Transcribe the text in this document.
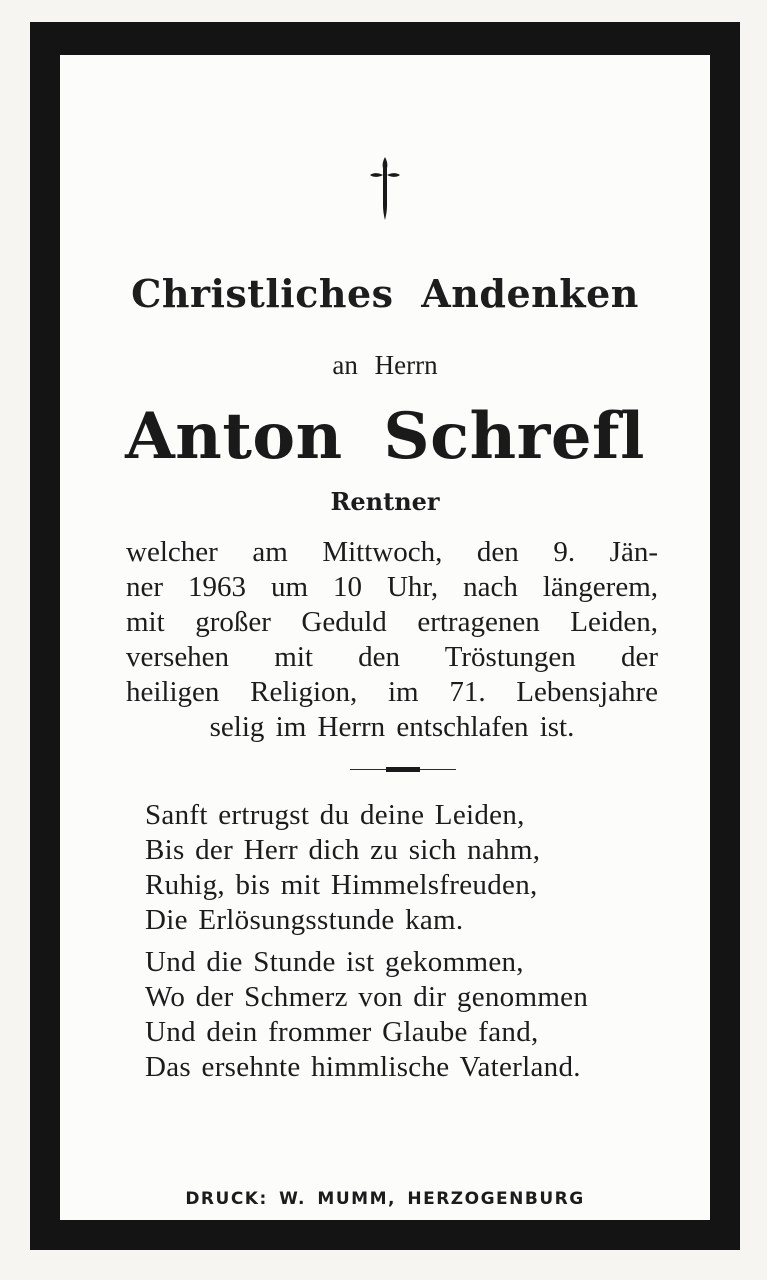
Christliches Andenken
an Herrn
Anton Schrefl
Rentner
welcher am Mittwoch, den 9. Jän-
ner 1963 um 10 Uhr, nach längerem,
mit großer Geduld ertragenen Leiden,
versehen mit den Tröstungen der
heiligen Religion, im 71. Lebensjahre
selig im Herrn entschlafen ist.
Sanft ertrugst du deine Leiden,
Bis der Herr dich zu sich nahm,
Ruhig, bis mit Himmelsfreuden,
Die Erlösungsstunde kam.
Und die Stunde ist gekommen,
Wo der Schmerz von dir genommen
Und dein frommer Glaube fand,
Das ersehnte himmlische Vaterland.
DRUCK: W. MUMM, HERZOGENBURG
